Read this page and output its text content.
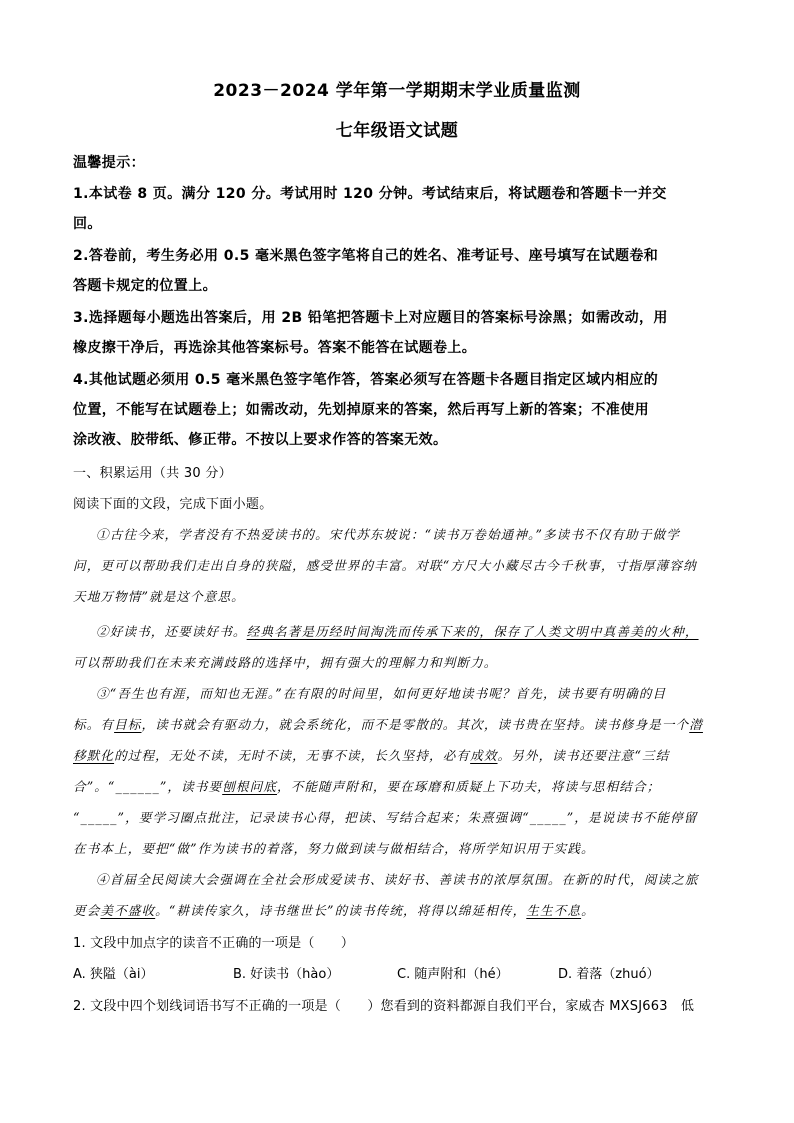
2023－2024 学年第一学期期末学业质量监测
七年级语文试题
温馨提示：
1.本试卷 8 页。满分 120 分。考试用时 120 分钟。考试结束后，将试题卷和答题卡一并交
回。
2.答卷前，考生务必用 0.5 毫米黑色签字笔将自己的姓名、准考证号、座号填写在试题卷和
答题卡规定的位置上。
3.选择题每小题选出答案后，用 2B 铅笔把答题卡上对应题目的答案标号涂黑；如需改动，用
橡皮擦干净后，再选涂其他答案标号。答案不能答在试题卷上。
4.其他试题必须用 0.5 毫米黑色签字笔作答，答案必须写在答题卡各题目指定区域内相应的
位置，不能写在试题卷上；如需改动，先划掉原来的答案，然后再写上新的答案；不准使用
涂改液、胶带纸、修正带。不按以上要求作答的答案无效。
一、积累运用（共 30 分）
阅读下面的文段，完成下面小题。
①古往今来，学者没有不热爱读书的。宋代苏东坡说：“读书万卷始通神。”多读书不仅有助于做学
问，更可以帮助我们走出自身的狭隘，感受世界的丰富。对联“方尺大小藏尽古今千秋事，寸指厚薄容纳
天地万物情”就是这个意思。
②好读书，还要读好书。经典名著是历经时间淘洗而传承下来的，保存了人类文明中真善美的火种，
可以帮助我们在未来充满歧路的选择中，拥有强大的理解力和判断力。
③“吾生也有涯，而知也无涯。”在有限的时间里，如何更好地读书呢？首先，读书要有明确的目
标。有目标，读书就会有驱动力，就会系统化，而不是零散的。其次，读书贵在坚持。读书修身是一个潜
移默化的过程，无处不读，无时不读，无事不读，长久坚持，必有成效。另外，读书还要注意“三结
合”。“______”，读书要刨根问底，不能随声附和，要在琢磨和质疑上下功夫，将读与思相结合；
“_____”，要学习圈点批注，记录读书心得，把读、写结合起来；朱熹强调“_____”，是说读书不能停留
在书本上，要把“做”作为读书的着落，努力做到读与做相结合，将所学知识用于实践。
④首届全民阅读大会强调在全社会形成爱读书、读好书、善读书的浓厚氛围。在新的时代，阅读之旅
更会美不盛收。“耕读传家久，诗书继世长”的读书传统，将得以绵延相传，生生不息。
1. 文段中加点字的读音不正确的一项是（　　）
A. 狭隘（ài）	B. 好读书（hào）	C. 随声附和（hé）	D. 着落（zhuó）
2. 文段中四个划线词语书写不正确的一项是（　　）您看到的资料都源自我们平台，家威杏 MXSJ663　低
